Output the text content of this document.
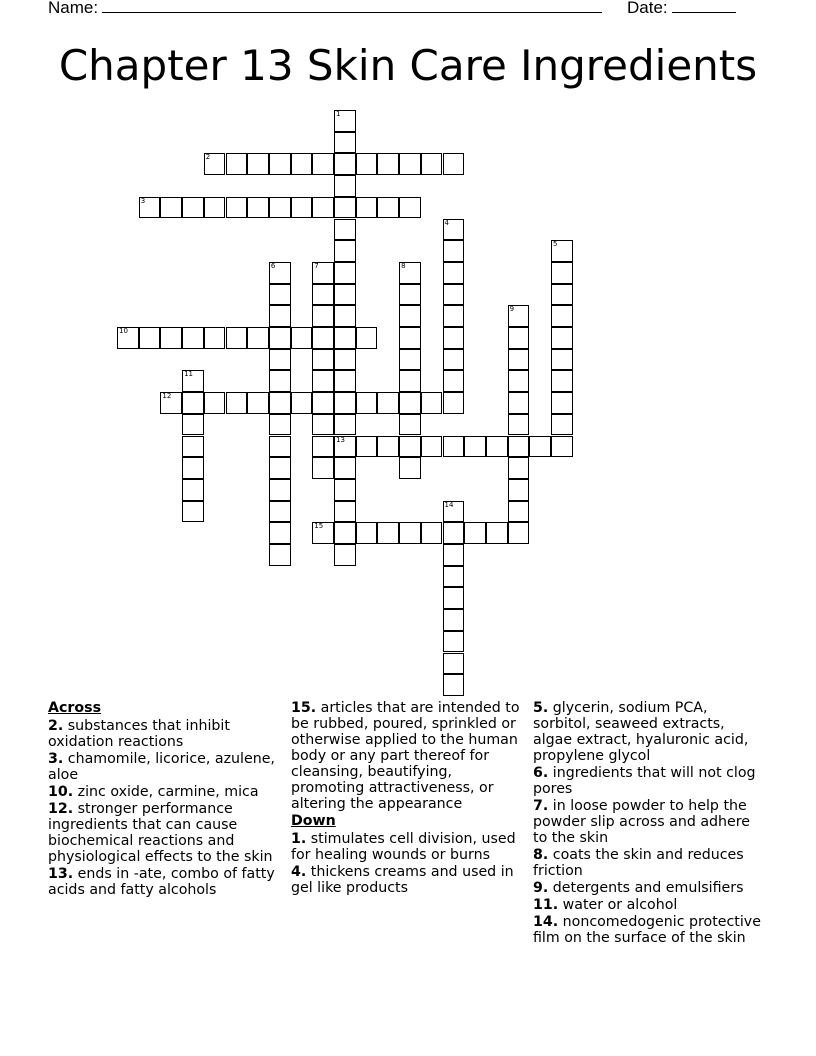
Name:	Date:
Chapter 13 Skin Care Ingredients
1
13
2
3
4
5
6	7	8
9
10
11
12
14
15
Across
2. substances that inhibit oxidation reactions
3. chamomile, licorice, azulene, aloe
10. zinc oxide, carmine, mica
12. stronger performance ingredients that can cause biochemical reactions and physiological effects to the skin
13. ends in -ate, combo of fatty acids and fatty alcohols
15. articles that are intended to be rubbed, poured, sprinkled or otherwise applied to the human body or any part thereof for cleansing, beautifying, promoting attractiveness, or altering the appearance
Down
1. stimulates cell division, used for healing wounds or burns
4. thickens creams and used in gel like products
5. glycerin, sodium PCA, sorbitol, seaweed extracts, algae extract, hyaluronic acid, propylene glycol
6. ingredients that will not clog pores
7. in loose powder to help the powder slip across and adhere to the skin
8. coats the skin and reduces friction
9. detergents and emulsifiers
11. water or alcohol
14. noncomedogenic protective film on the surface of the skin
